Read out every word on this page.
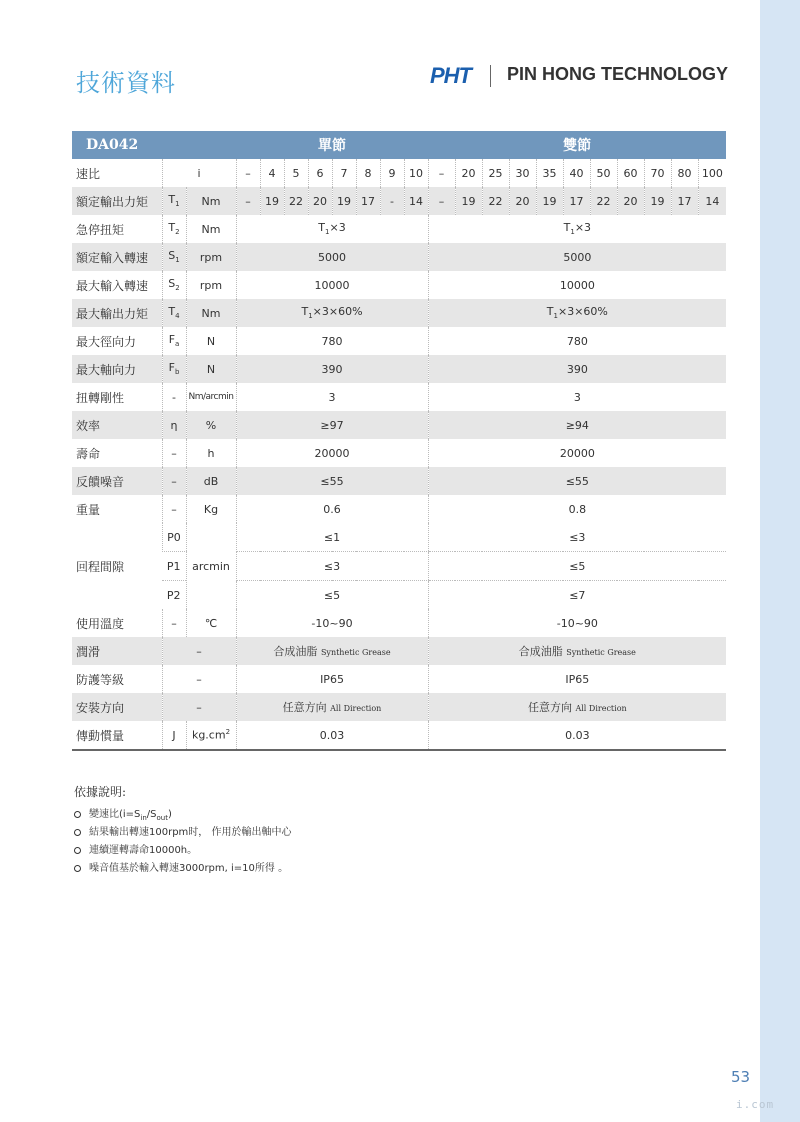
i.com
技術資料	PHT PIN HONG TECHNOLOGY
DA042			單節								雙節										
速比	i		–	4	5	6	7	8	9	10	–	20	25	30	35	40	50	60	70	80	100
額定輸出力矩	$T_1$	Nm	–	19	22	20	19	17	-	14	–	19	22	20	19	17	22	20	19	17	14
急停扭矩	$T_2$	Nm	$T_1\times 3$								$T_1\times 3$										
額定輸入轉速	$S_1$	rpm	5000								5000										
最大輸入轉速	$S_2$	rpm	10000								10000										
最大輸出力矩	$T_4$	Nm	$T_1\times 3\times 60\%$								$T_1\times 3\times 60\%$										
最大徑向力	$F_a$	N	780								780										
最大軸向力	$F_b$	N	390								390										
扭轉剛性	-	Nm/arcmin	3								3										
效率	η	%	≥97								≥94										
壽命	–	h	20000								20000										
反饋噪音	–	dB	≤55								≤55										
重量	–	Kg	0.6								0.8										
回程間隙	P0	arcmin	≤1								≤3										
	P1		≤3								≤5										
	P2		≤5								≤7										
使用溫度	–	℃	-10~90								-10~90										
潤滑	–		合成油脂 Synthetic Grease								合成油脂 Synthetic Grease										
防護等級	–		IP65								IP65										
安裝方向	–		任意方向 All Direction								任意方向 All Direction										
傳動慣量	J	$kg.cm^2$	0.03								0.03										
依據說明:
變速比$(i=S_{in}/S_{out})$
結果輸出轉速100rpm时， 作用於輸出軸中心
連續運轉壽命10000h。
噪音值基於輸入轉速3000rpm, i=10所得 。
53
